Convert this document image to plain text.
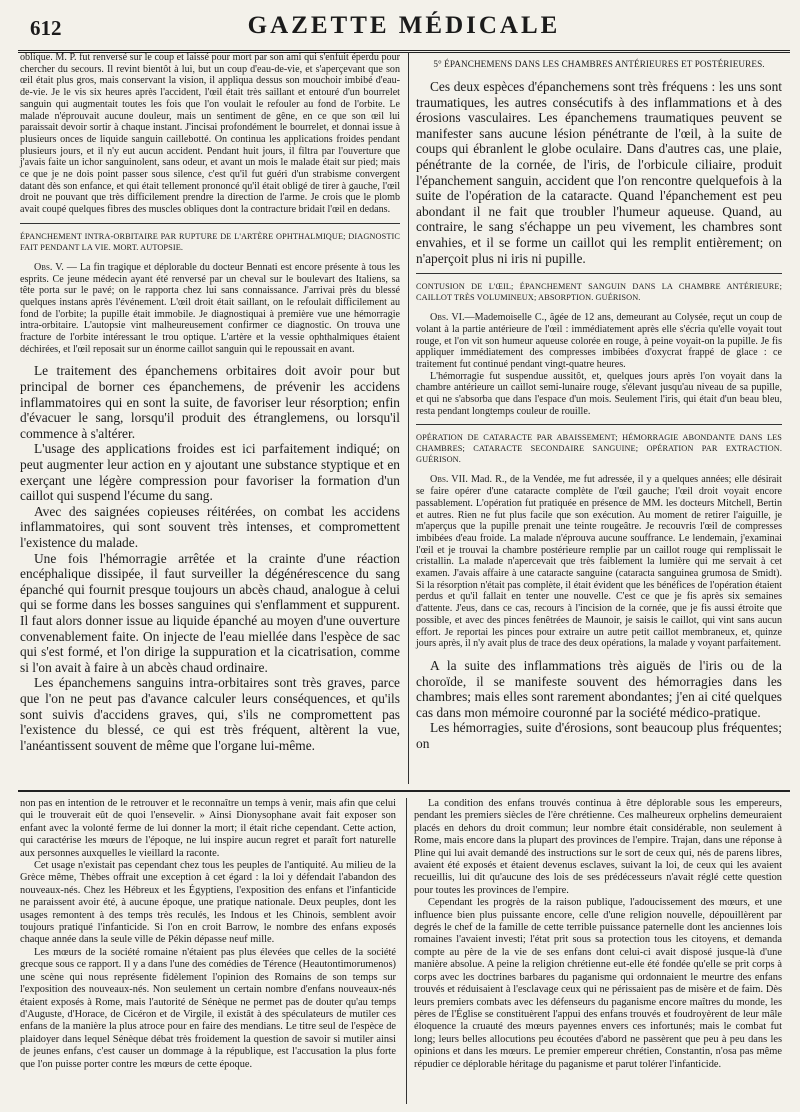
612	GAZETTE MÉDICALE

oblique. M. P. fut renversé sur le coup et laissé pour mort par son ami qui s'enfuit éperdu pour chercher du secours. Il revint bientôt à lui, but un coup d'eau-de-vie, et s'aperçevant que son œil était plus gros, mais conservant la vision, il appliqua dessus son mouchoir imbibé d'eau-de-vie. Je le vis six heures après l'accident, l'œil était très saillant et entouré d'un bourrelet sanguin qui augmentait toutes les fois que l'on voulait le refouler au fond de l'orbite. Le malade n'éprouvait aucune douleur, mais un sentiment de gêne, en ce que son œil lui paraissait devoir sortir à chaque instant. J'incisai profondément le bourrelet, et donnai issue à plusieurs onces de liquide sanguin caillebotté. On continua les applications froides pendant plusieurs jours, et il n'y eut aucun accident. Pendant huit jours, il filtra par l'ouverture que j'avais faite un ichor sanguinolent, sans odeur, et avant un mois le malade était sur pied; mais ce que je ne dois point passer sous silence, c'est qu'il fut guéri d'un strabisme convergent datant dès son enfance, et qui était tellement prononcé qu'il était obligé de tirer à gauche, l'œil droit ne pouvant que très difficilement prendre la direction de l'arme. Je crois que le plomb avait coupé quelques fibres des muscles obliques dont la contracture bridait l'œil en dedans.

ÉPANCHEMENT INTRA-ORBITAIRE PAR RUPTURE DE L'ARTÈRE OPHTHALMIQUE; DIAGNOSTIC FAIT PENDANT LA VIE. MORT. AUTOPSIE.

Obs. V. — La fin tragique et déplorable du docteur Bennati est encore présente à tous les esprits. Ce jeune médecin ayant été renversé par un cheval sur le boulevart des Italiens, sa tête porta sur le pavé; on le rapporta chez lui sans connaissance. J'arrivai près du blessé quelques instans après l'événement. L'œil droit était saillant, on le refoulait difficilement au fond de l'orbite; la pupille était immobile. Je diagnostiquai à première vue une hémorragie intra-orbitaire. L'autopsie vint malheureusement confirmer ce diagnostic. On trouva une fracture de l'orbite intéressant le trou optique. L'artère et la vessie ophthalmiques étaient déchirées, et l'œil reposait sur un énorme caillot sanguin qui le repoussait en avant.

Le traitement des épanchemens orbitaires doit avoir pour but principal de borner ces épanchemens, de prévenir les accidens inflammatoires qui en sont la suite, de favoriser leur résorption; enfin d'évacuer le sang, lorsqu'il produit des étranglemens, ou lorsqu'il commence à s'altérer.

L'usage des applications froides est ici parfaitement indiqué; on peut augmenter leur action en y ajoutant une substance styptique et en exerçant une légère compression pour favoriser la formation d'un caillot qui suspend l'écume du sang.

Avec des saignées copieuses réitérées, on combat les accidens inflammatoires, qui sont souvent très intenses, et compromettent l'existence du malade.

Une fois l'hémorragie arrêtée et la crainte d'une réaction encéphalique dissipée, il faut surveiller la dégénérescence du sang épanché qui fournit presque toujours un abcès chaud, analogue à celui qui se forme dans les bosses sanguines qui s'enflamment et suppurent. Il faut alors donner issue au liquide épanché au moyen d'une ouverture convenablement faite. On injecte de l'eau miellée dans l'espèce de sac qui s'est formé, et l'on dirige la suppuration et la cicatrisation, comme si l'on avait à faire à un abcès chaud ordinaire.

Les épanchemens sanguins intra-orbitaires sont très graves, parce que l'on ne peut pas d'avance calculer leurs conséquences, et qu'ils sont suivis d'accidens graves, qui, s'ils ne compromettent pas l'existence du blessé, ce qui est très fréquent, altèrent la vue, l'anéantissent souvent de même que l'organe lui-même.

5° ÉPANCHEMENS DANS LES CHAMBRES ANTÉRIEURES ET POSTÉRIEURES.

Ces deux espèces d'épanchemens sont très fréquens : les uns sont traumatiques, les autres consécutifs à des inflammations et à des érosions vasculaires. Les épanchemens traumatiques peuvent se manifester sans aucune lésion pénétrante de l'œil, à la suite de coups qui ébranlent le globe oculaire. Dans d'autres cas, une plaie, pénétrante de la cornée, de l'iris, de l'orbicule ciliaire, produit l'épanchement sanguin, accident que l'on rencontre quelquefois à la suite de l'opération de la cataracte. Quand l'épanchement est peu abondant il ne fait que troubler l'humeur aqueuse. Quand, au contraire, le sang s'échappe un peu vivement, les chambres sont envahies, et il se forme un caillot qui les remplit entièrement; on n'aperçoit plus ni iris ni pupille.

CONTUSION DE L'ŒIL; ÉPANCHEMENT SANGUIN DANS LA CHAMBRE ANTÉRIEURE; CAILLOT TRÈS VOLUMINEUX; ABSORPTION. GUÉRISON.

Obs. VI.—Mademoiselle C., âgée de 12 ans, demeurant au Colysée, reçut un coup de volant à la partie antérieure de l'œil : immédiatement après elle s'écria qu'elle voyait tout rouge, et l'on vit son humeur aqueuse colorée en rouge, à peine voyait-on la pupille. Je fis appliquer immédiatement des compresses imbibées d'oxycrat frappé de glace : ce traitement fut continué pendant vingt-quatre heures.

L'hémorragie fut suspendue aussitôt, et, quelques jours après l'on voyait dans la chambre antérieure un caillot semi-lunaire rouge, s'élevant jusqu'au niveau de sa pupille, et qui ne s'absorba que dans l'espace d'un mois. Seulement l'iris, qui était d'un beau bleu, resta pendant longtemps couleur de rouille.

OPÉRATION DE CATARACTE PAR ABAISSEMENT; HÉMORRAGIE ABONDANTE DANS LES CHAMBRES; CATARACTE SECONDAIRE SANGUINE; OPÉRATION PAR EXTRACTION. GUÉRISON.

Obs. VII. Mad. R., de la Vendée, me fut adressée, il y a quelques années; elle désirait se faire opérer d'une cataracte complète de l'œil gauche; l'œil droit voyait encore passablement. L'opération fut pratiquée en présence de MM. les docteurs Mitchell, Bertin et autres. Rien ne fut plus facile que son exécution. Au moment de retirer l'aiguille, je m'aperçus que la pupille prenait une teinte rougeâtre. Je recouvris l'œil de compresses imbibées d'eau froide. La malade n'éprouva aucune souffrance. Le lendemain, j'examinai l'œil et je trouvai la chambre postérieure remplie par un caillot rouge qui remplissait le cristallin. La malade n'apercevait que très faiblement la lumière qui me servait à cet examen. J'avais affaire à une cataracte sanguine (cataracta sanguinea grumosa de Smidt). Si la résorption n'était pas complète, il était évident que les bénéfices de l'opération étaient perdus et qu'il fallait en tenter une nouvelle. C'est ce que je fis après six semaines d'attente. J'eus, dans ce cas, recours à l'incision de la cornée, que je fis aussi étroite que possible, et avec des pinces fenêtrées de Maunoir, je saisis le caillot, qui vint sans aucun effort. Je reportai les pinces pour extraire un autre petit caillot membraneux, et, quinze jours après, il n'y avait plus de trace des deux opérations, la malade y voyant parfaitement.

A la suite des inflammations très aiguës de l'iris ou de la choroïde, il se manifeste souvent des hémorragies dans les chambres; mais elles sont rarement abondantes; j'en ai cité quelques cas dans mon mémoire couronné par la société médico-pratique.

Les hémorragies, suite d'érosions, sont beaucoup plus fréquentes; on

non pas en intention de le retrouver et le reconnaître un temps à venir, mais afin que celui qui le trouverait eût de quoi l'ensevelir. » Ainsi Dionysophane avait fait exposer son enfant avec la volonté ferme de lui donner la mort; il était riche cependant. Cette action, qui caractérise les mœurs de l'époque, ne lui inspire aucun regret et paraît fort naturelle aux personnes auxquelles le vieillard la raconte.

Cet usage n'existait pas cependant chez tous les peuples de l'antiquité. Au milieu de la Grèce même, Thèbes offrait une exception à cet égard : la loi y défendait l'abandon des nouveaux-nés. Chez les Hébreux et les Égyptiens, l'exposition des enfans et l'infanticide ne paraissent avoir été, à aucune époque, une pratique nationale. Deux peuples, dont les usages remontent à des temps très reculés, les Indous et les Chinois, semblent avoir toujours pratiqué l'infanticide. Si l'on en croit Barrow, le nombre des enfans exposés chaque année dans la seule ville de Pékin dépasse neuf mille.

Les mœurs de la société romaine n'étaient pas plus élevées que celles de la société grecque sous ce rapport. Il y a dans l'une des comédies de Térence (Heautontimorumenos) une scène qui nous représente fidèlement l'opinion des Romains de son temps sur l'exposition des nouveaux-nés. Non seulement un certain nombre d'enfans nouveaux-nés étaient exposés à Rome, mais l'autorité de Sénèque ne permet pas de douter qu'au temps d'Auguste, d'Horace, de Cicéron et de Virgile, il existât à des spéculateurs de mutiler ces enfans de la manière la plus atroce pour en faire des mendians. Le titre seul de l'espèce de plaidoyer dans lequel Sénèque débat très froidement la question de savoir si mutiler ainsi de jeunes enfans, c'est causer un dommage à la république, est l'accusation la plus forte que l'on puisse porter contre les mœurs de cette époque.

La condition des enfans trouvés continua à être déplorable sous les empereurs, pendant les premiers siècles de l'ère chrétienne. Ces malheureux orphelins demeuraient placés en dehors du droit commun; leur nombre était considérable, non seulement à Rome, mais encore dans la plupart des provinces de l'empire. Trajan, dans une réponse à Pline qui lui avait demandé des instructions sur le sort de ceux qui, nés de parens libres, avaient été exposés et étaient devenus esclaves, suivant la loi, de ceux qui les avaient recueillis, lui dit qu'aucune des lois de ses prédécesseurs n'avait réglé cette question pour toutes les provinces de l'empire.

Cependant les progrès de la raison publique, l'adoucissement des mœurs, et une influence bien plus puissante encore, celle d'une religion nouvelle, dépouillèrent par degrés le chef de la famille de cette terrible puissance paternelle dont les anciennes lois romaines l'avaient investi; l'état prit sous sa protection tous les citoyens, et demanda compte au père de la vie de ses enfans dont celui-ci avait disposé jusque-là d'une manière absolue. A peine la religion chrétienne eut-elle été fondée qu'elle se prit corps à corps avec les doctrines barbares du paganisme qui ordonnaient le meurtre des enfans trouvés et réduisaient à l'esclavage ceux qui ne périssaient pas de misère et de faim. Dès leurs premiers combats avec les défenseurs du paganisme encore maîtres du monde, les pères de l'Église se constituèrent l'appui des enfans trouvés et foudroyèrent de leur mâle éloquence la cruauté des mœurs payennes envers ces infortunés; mais le combat fut long; leurs belles allocutions peu écoutées d'abord ne passèrent que peu à peu dans les opinions et dans les mœurs. Le premier empereur chrétien, Constantin, n'osa pas même répudier ce déplorable héritage du paganisme et parut tolérer l'infanticide.
